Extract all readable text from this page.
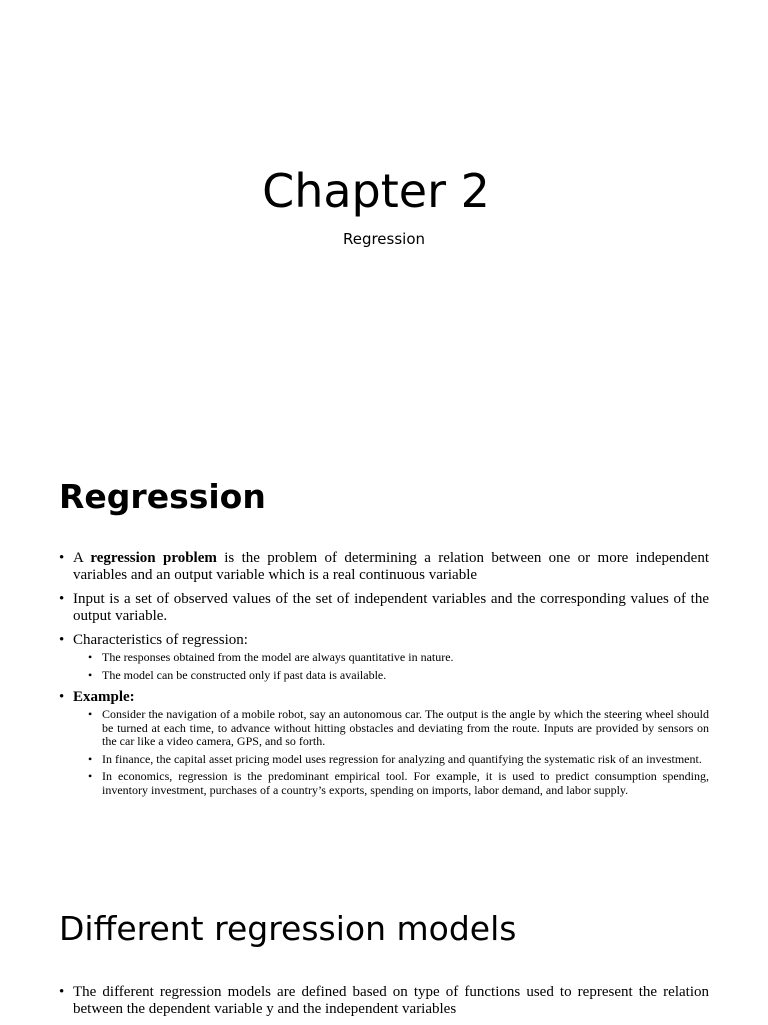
Chapter 2
Regression
Regression
• A regression problem is the problem of determining a relation between one or more independent variables and an output variable which is a real continuous variable
• Input is a set of observed values of the set of independent variables and the corresponding values of the output variable.
• Characteristics of regression:
• The responses obtained from the model are always quantitative in nature.
• The model can be constructed only if past data is available.
• Example:
• Consider the navigation of a mobile robot, say an autonomous car. The output is the angle by which the steering wheel should be turned at each time, to advance without hitting obstacles and deviating from the route. Inputs are provided by sensors on the car like a video camera, GPS, and so forth.
• In finance, the capital asset pricing model uses regression for analyzing and quantifying the systematic risk of an investment.
• In economics, regression is the predominant empirical tool. For example, it is used to predict consumption spending, inventory investment, purchases of a country’s exports, spending on imports, labor demand, and labor supply.
Different regression models
• The different regression models are defined based on type of functions used to represent the relation between the dependent variable y and the independent variables
